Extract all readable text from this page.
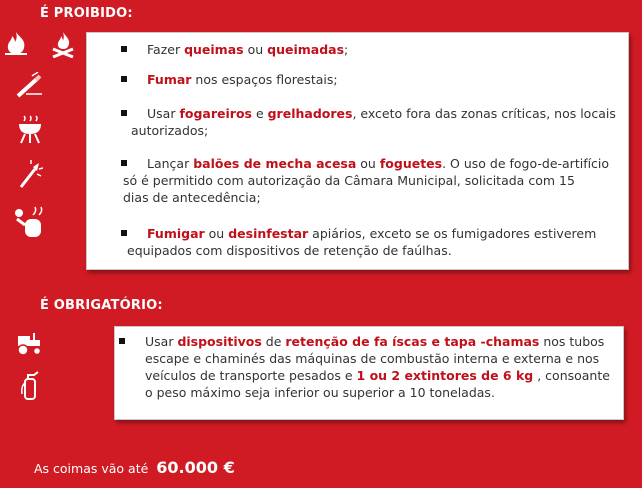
É PROIBIDO:
Fazer queimas ou queimadas;
Fumar nos espaços florestais;
Usar fogareiros e grelhadores, exceto fora das zonas críticas, nos locais
autorizados;
Lançar balões de mecha acesa ou foguetes. O uso de fogo-de-artifício
só é permitido com autorização da Câmara Municipal, solicitada com 15
dias de antecedência;
Fumigar ou desinfestar apiários, exceto se os fumigadores estiverem
equipados com dispositivos de retenção de faúlhas.
É OBRIGATÓRIO:
Usar dispositivos de retenção de fa íscas e tapa -chamas nos tubos
escape e chaminés das máquinas de combustão interna e externa e nos
veículos de transporte pesados e 1 ou 2 extintores de 6 kg , consoante
o peso máximo seja inferior ou superior a 10 toneladas.
As coimas vão até 60.000 €
